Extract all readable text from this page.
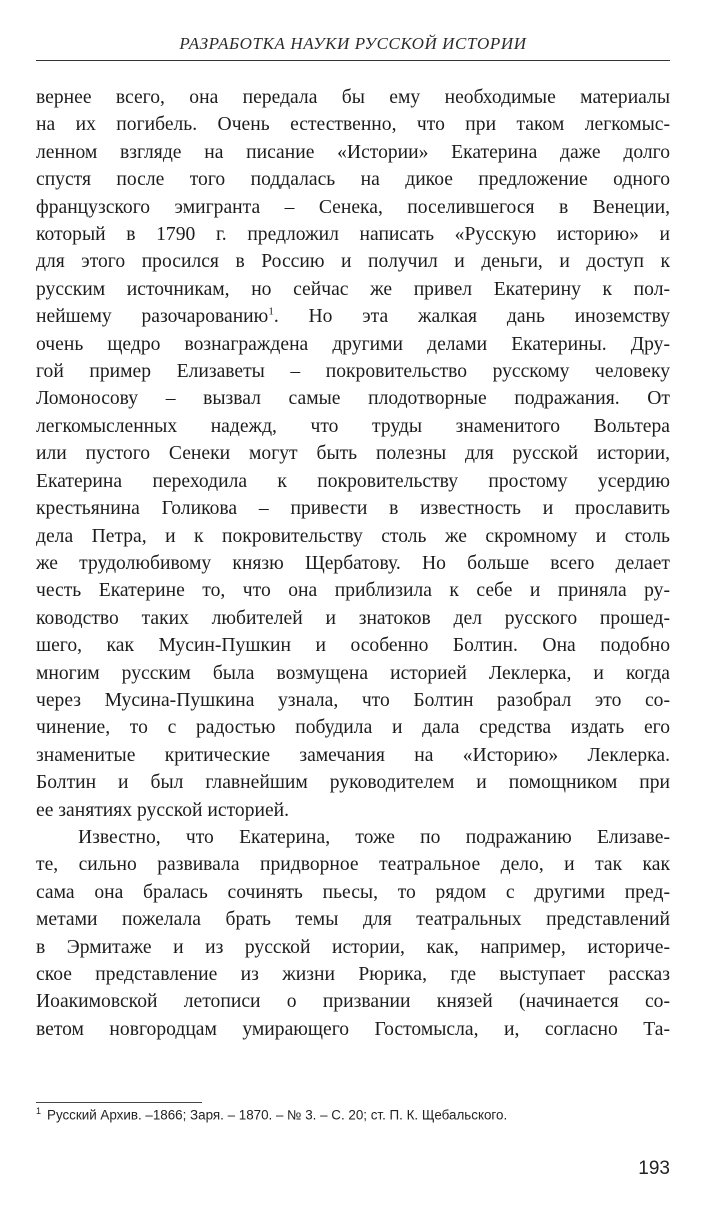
РАЗРАБОТКА НАУКИ РУССКОЙ ИСТОРИИ
вернее всего, она передала бы ему необходимые материалы
на их погибель. Очень естественно, что при таком легкомыс-
ленном взгляде на писание «Истории» Екатерина даже долго
спустя после того поддалась на дикое предложение одного
французского эмигранта – Сенека, поселившегося в Венеции,
который в 1790 г. предложил написать «Русскую историю» и
для этого просился в Россию и получил и деньги, и доступ к
русским источникам, но сейчас же привел Екатерину к пол-
нейшему разочарованию$^1$. Но эта жалкая дань иноземству
очень щедро вознаграждена другими делами Екатерины. Дру-
гой пример Елизаветы – покровительство русскому человеку
Ломоносову – вызвал самые плодотворные подражания. От
легкомысленных надежд, что труды знаменитого Вольтера
или пустого Сенеки могут быть полезны для русской истории,
Екатерина переходила к покровительству простому усердию
крестьянина Голикова – привести в известность и прославить
дела Петра, и к покровительству столь же скромному и столь
же трудолюбивому князю Щербатову. Но больше всего делает
честь Екатерине то, что она приблизила к себе и приняла ру-
ководство таких любителей и знатоков дел русского прошед-
шего, как Мусин-Пушкин и особенно Болтин. Она подобно
многим русским была возмущена историей Леклерка, и когда
через Мусина-Пушкина узнала, что Болтин разобрал это со-
чинение, то с радостью побудила и дала средства издать его
знаменитые критические замечания на «Историю» Леклерка.
Болтин и был главнейшим руководителем и помощником при
ее занятиях русской историей.
Известно, что Екатерина, тоже по подражанию Елизаве-
те, сильно развивала придворное театральное дело, и так как
сама она бралась сочинять пьесы, то рядом с другими пред-
метами пожелала брать темы для театральных представлений
в Эрмитаже и из русской истории, как, например, историче-
ское представление из жизни Рюрика, где выступает рассказ
Иоакимовской летописи о призвании князей (начинается со-
ветом новгородцам умирающего Гостомысла, и, согласно Та-
$^1$ Русский Архив. –1866; Заря. – 1870. – № 3. – С. 20; ст. П. К. Щебальского.
193
